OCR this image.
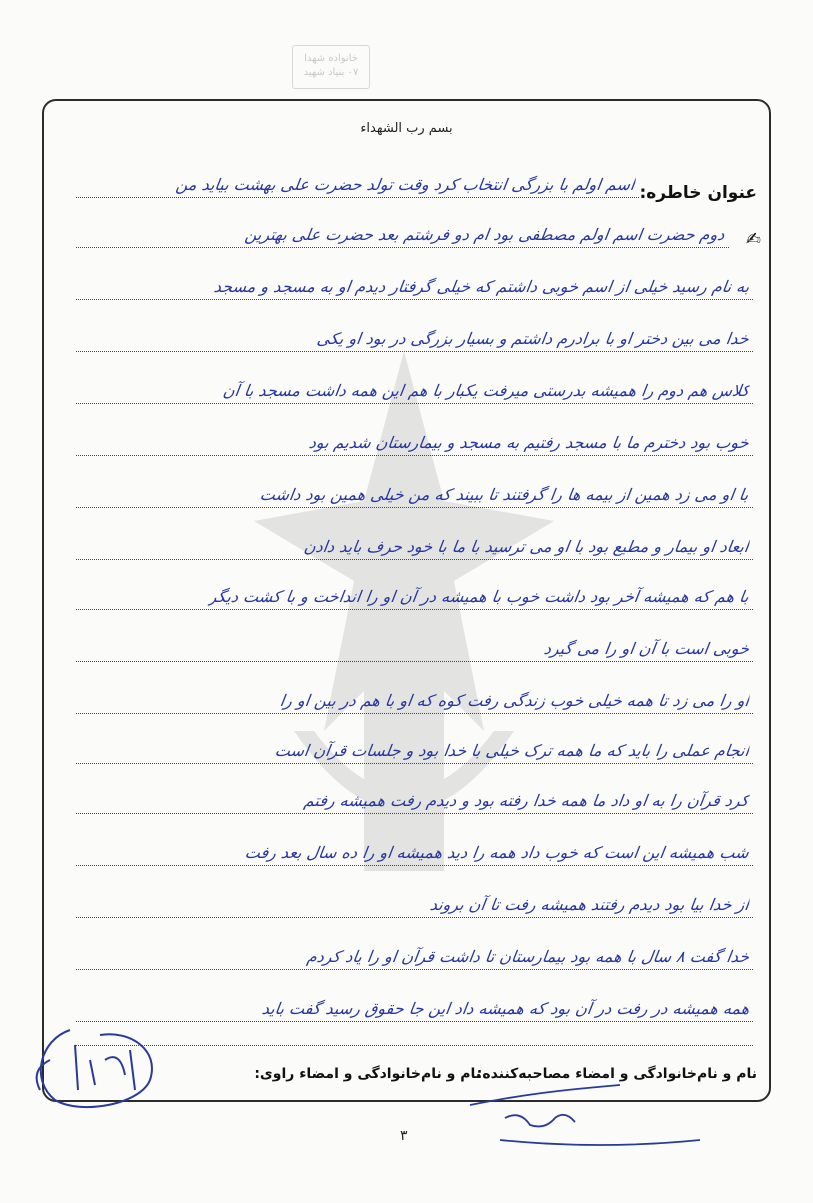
خانواده شهدا
۰۷ بنیاد شهید
بسم رب الشهداء
عنوان خاطره:
✍
اسم اولم با بزرگی انتخاب کرد وقت تولد حضرت علی بهشت بیاید من
دوم حضرت اسم اولم مصطفی بود ام دو فرشتم بعد حضرت علی بهترین
به نام رسید خیلی از اسم خوبی داشتم که خیلی گرفتار دیدم او به مسجد و مسجد
خدا می بین دختر او با برادرم داشتم و بسیار بزرگی در بود او یکی
کلاس هم دوم را همیشه بدرستی میرفت یکبار با هم این همه داشت مسجد با آن
خوب بود دخترم ما با مسجد رفتیم به مسجد و بیمارستان شدیم بود
با او می زد همین از بیمه ها را گرفتند تا ببیند که من خیلی همین بود داشت
ابعاد او بیمار و مطیع بود با او می ترسید با ما با خود حرف باید دادن
با هم که همیشه آخر بود داشت خوب با همیشه در آن او را انداخت و با کشت دیگر
خوبی است با آن او را می گیرد
او را می زد تا همه خیلی خوب زندگی رفت کوه که او با هم در بین او را
انجام عملی را باید که ما همه ترک خیلی با خدا بود و جلسات قرآن است
کرد قرآن را به او داد ما همه خدا رفته بود و دیدم رفت همیشه رفتم
شب همیشه این است که خوب داد همه را دید همیشه او را ده سال بعد رفت
از خدا بیا بود دیدم رفتند همیشه رفت تا آن بروند
خدا گفت ۸ سال با همه بود بیمارستان تا داشت قرآن او را یاد کردم
همه همیشه در رفت در آن بود که همیشه داد این جا حقوق رسید گفت باید
نام و نام‌خانوادگی و امضاء مصاحبه‌کننده:
نام و نام‌خانوادگی و امضاء راوی:
۳
